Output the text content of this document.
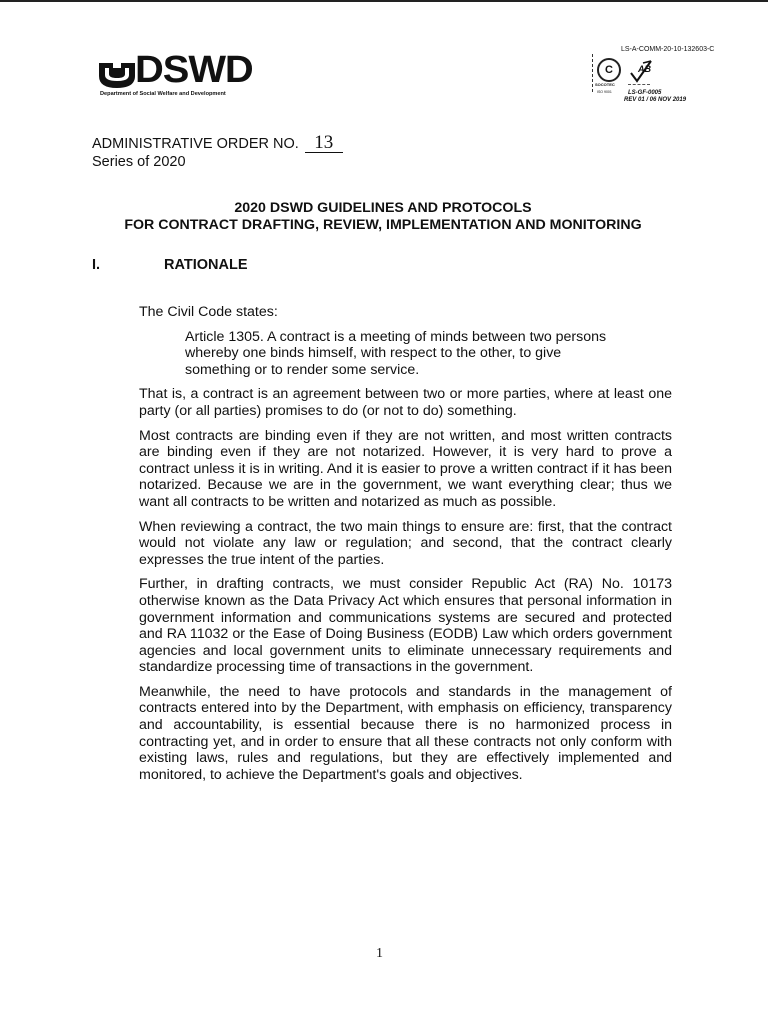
DSWD
Department of Social Welfare and Development
LS-A-COMM-20-10-132603-C
C
SOCOTEC
ISO 9001
AB
LS-GF-0005
REV 01 / 06 NOV 2019
ADMINISTRATIVE ORDER NO. 13
Series of 2020
2020 DSWD GUIDELINES AND PROTOCOLS
FOR CONTRACT DRAFTING, REVIEW, IMPLEMENTATION AND MONITORING
I.	RATIONALE
The Civil Code states:
Article 1305. A contract is a meeting of minds between two persons whereby one binds himself, with respect to the other, to give something or to render some service.
That is, a contract is an agreement between two or more parties, where at least one party (or all parties) promises to do (or not to do) something.
Most contracts are binding even if they are not written, and most written contracts are binding even if they are not notarized. However, it is very hard to prove a contract unless it is in writing. And it is easier to prove a written contract if it has been notarized. Because we are in the government, we want everything clear; thus we want all contracts to be written and notarized as much as possible.
When reviewing a contract, the two main things to ensure are: first, that the contract would not violate any law or regulation; and second, that the contract clearly expresses the true intent of the parties.
Further, in drafting contracts, we must consider Republic Act (RA) No. 10173 otherwise known as the Data Privacy Act which ensures that personal information in government information and communications systems are secured and protected and RA 11032 or the Ease of Doing Business (EODB) Law which orders government agencies and local government units to eliminate unnecessary requirements and standardize processing time of transactions in the government.
Meanwhile, the need to have protocols and standards in the management of contracts entered into by the Department, with emphasis on efficiency, transparency and accountability, is essential because there is no harmonized process in contracting yet, and in order to ensure that all these contracts not only conform with existing laws, rules and regulations, but they are effectively implemented and monitored, to achieve the Department's goals and objectives.
1
